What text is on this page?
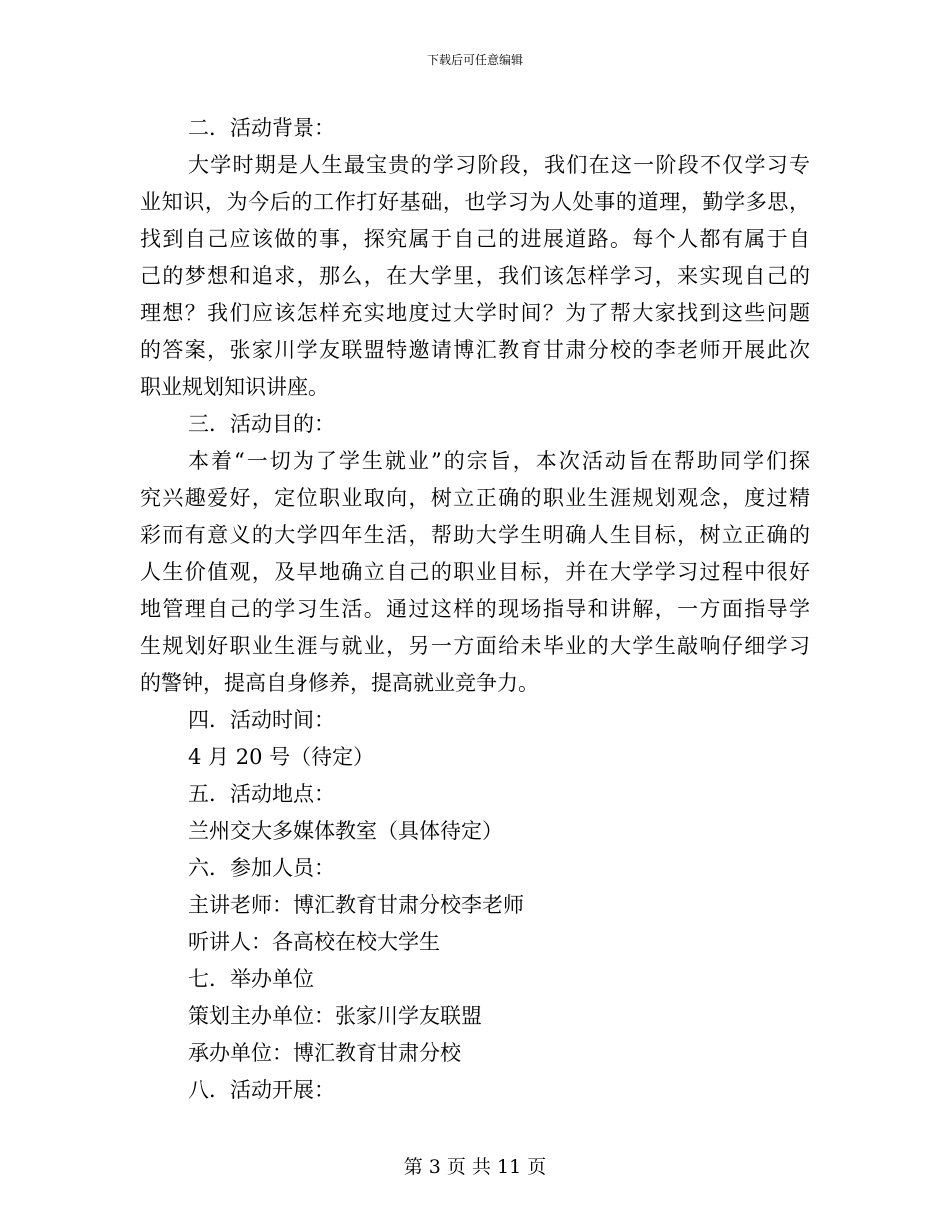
下载后可任意编辑
二．活动背景：
大学时期是人生最宝贵的学习阶段，我们在这一阶段不仅学习专
业知识，为今后的工作打好基础，也学习为人处事的道理，勤学多思，
找到自己应该做的事，探究属于自己的进展道路。每个人都有属于自
己的梦想和追求，那么，在大学里，我们该怎样学习，来实现自己的
理想？我们应该怎样充实地度过大学时间？为了帮大家找到这些问题
的答案，张家川学友联盟特邀请博汇教育甘肃分校的李老师开展此次
职业规划知识讲座。
三．活动目的：
本着“一切为了学生就业”的宗旨，本次活动旨在帮助同学们探
究兴趣爱好，定位职业取向，树立正确的职业生涯规划观念，度过精
彩而有意义的大学四年生活，帮助大学生明确人生目标，树立正确的
人生价值观，及早地确立自己的职业目标，并在大学学习过程中很好
地管理自己的学习生活。通过这样的现场指导和讲解，一方面指导学
生规划好职业生涯与就业，另一方面给未毕业的大学生敲响仔细学习
的警钟，提高自身修养，提高就业竞争力。
四．活动时间：
4 月 20 号（待定）
五．活动地点：
兰州交大多媒体教室（具体待定）
六．参加人员：
主讲老师：博汇教育甘肃分校李老师
听讲人：各高校在校大学生
七．举办单位
策划主办单位：张家川学友联盟
承办单位：博汇教育甘肃分校
八．活动开展：
第 3 页 共 11 页
